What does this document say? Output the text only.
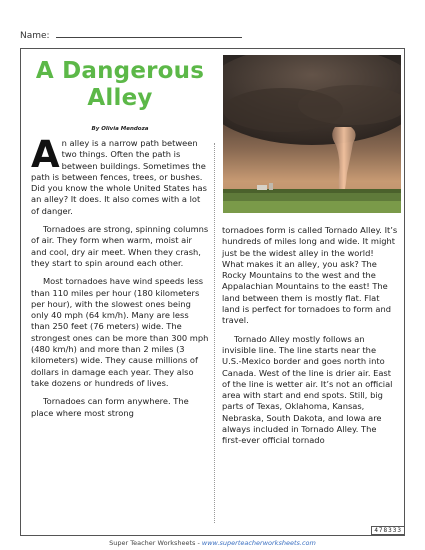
Name:
A Dangerous
Alley
By Olivia Mendoza

An alley is a narrow path between two things. Often the path is between buildings. Sometimes the path is between fences, trees, or bushes. Did you know the whole United States has an alley? It does. It also comes with a lot of danger.

Tornadoes are strong, spinning columns of air. They form when warm, moist air and cool, dry air meet. When they crash, they start to spin around each other.

Most tornadoes have wind speeds less than 110 miles per hour (180 kilometers per hour), with the slowest ones being only 40 mph (64 km/h). Many are less than 250 feet (76 meters) wide. The strongest ones can be more than 300 mph (480 km/h) and more than 2 miles (3 kilometers) wide. They cause millions of dollars in damage each year. They also take dozens or hundreds of lives.

Tornadoes can form anywhere. The place where most strong

tornadoes form is called Tornado Alley. It’s hundreds of miles long and wide. It might just be the widest alley in the world! What makes it an alley, you ask? The Rocky Mountains to the west and the Appalachian Mountains to the east! The land between them is mostly flat. Flat land is perfect for tornadoes to form and travel.

Tornado Alley mostly follows an invisible line. The line starts near the U.S.-Mexico border and goes north into Canada. West of the line is drier air. East of the line is wetter air. It’s not an official area with start and end spots. Still, big parts of Texas, Oklahoma, Kansas, Nebraska, South Dakota, and Iowa are always included in Tornado Alley. The first-ever official tornado

478333
Super Teacher Worksheets - www.superteacherworksheets.com
